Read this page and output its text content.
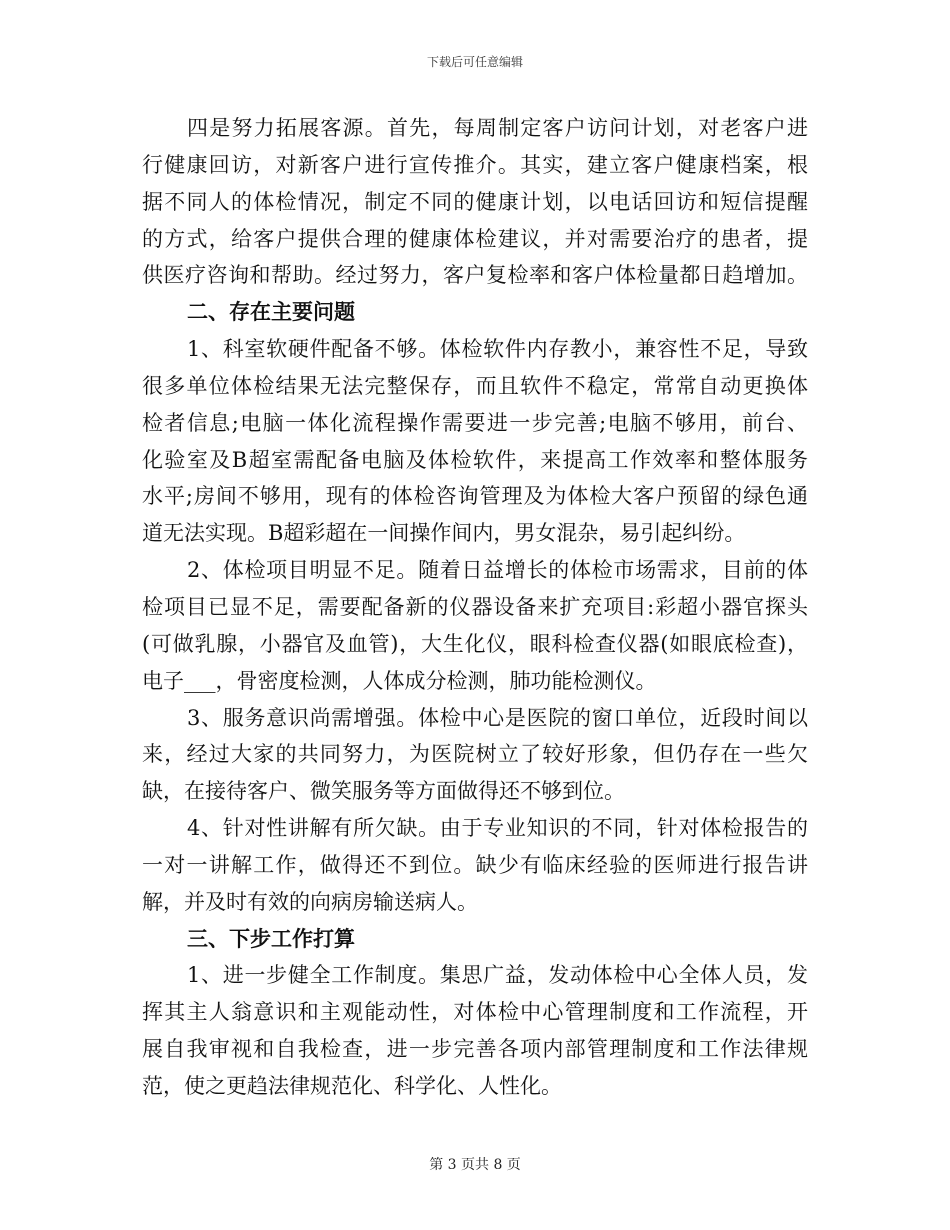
下载后可任意编辑
四是努力拓展客源。首先，每周制定客户访问计划，对老客户进
行健康回访，对新客户进行宣传推介。其实，建立客户健康档案，根
据不同人的体检情况，制定不同的健康计划，以电话回访和短信提醒
的方式，给客户提供合理的健康体检建议，并对需要治疗的患者，提
供医疗咨询和帮助。经过努力，客户复检率和客户体检量都日趋增加。
二、存在主要问题
1、科室软硬件配备不够。体检软件内存教小，兼容性不足，导致
很多单位体检结果无法完整保存，而且软件不稳定，常常自动更换体
检者信息;电脑一体化流程操作需要进一步完善;电脑不够用，前台、
化验室及B超室需配备电脑及体检软件，来提高工作效率和整体服务
水平;房间不够用，现有的体检咨询管理及为体检大客户预留的绿色通
道无法实现。B超彩超在一间操作间内，男女混杂，易引起纠纷。
2、体检项目明显不足。随着日益增长的体检市场需求，目前的体
检项目已显不足，需要配备新的仪器设备来扩充项目:彩超小器官探头
(可做乳腺，小器官及血管)，大生化仪，眼科检查仪器(如眼底检查)，
电子___，骨密度检测，人体成分检测，肺功能检测仪。
3、服务意识尚需增强。体检中心是医院的窗口单位，近段时间以
来，经过大家的共同努力，为医院树立了较好形象，但仍存在一些欠
缺，在接待客户、微笑服务等方面做得还不够到位。
4、针对性讲解有所欠缺。由于专业知识的不同，针对体检报告的
一对一讲解工作，做得还不到位。缺少有临床经验的医师进行报告讲
解，并及时有效的向病房输送病人。
三、下步工作打算
1、进一步健全工作制度。集思广益，发动体检中心全体人员，发
挥其主人翁意识和主观能动性，对体检中心管理制度和工作流程，开
展自我审视和自我检查，进一步完善各项内部管理制度和工作法律规
范，使之更趋法律规范化、科学化、人性化。
第 3 页共 8 页
